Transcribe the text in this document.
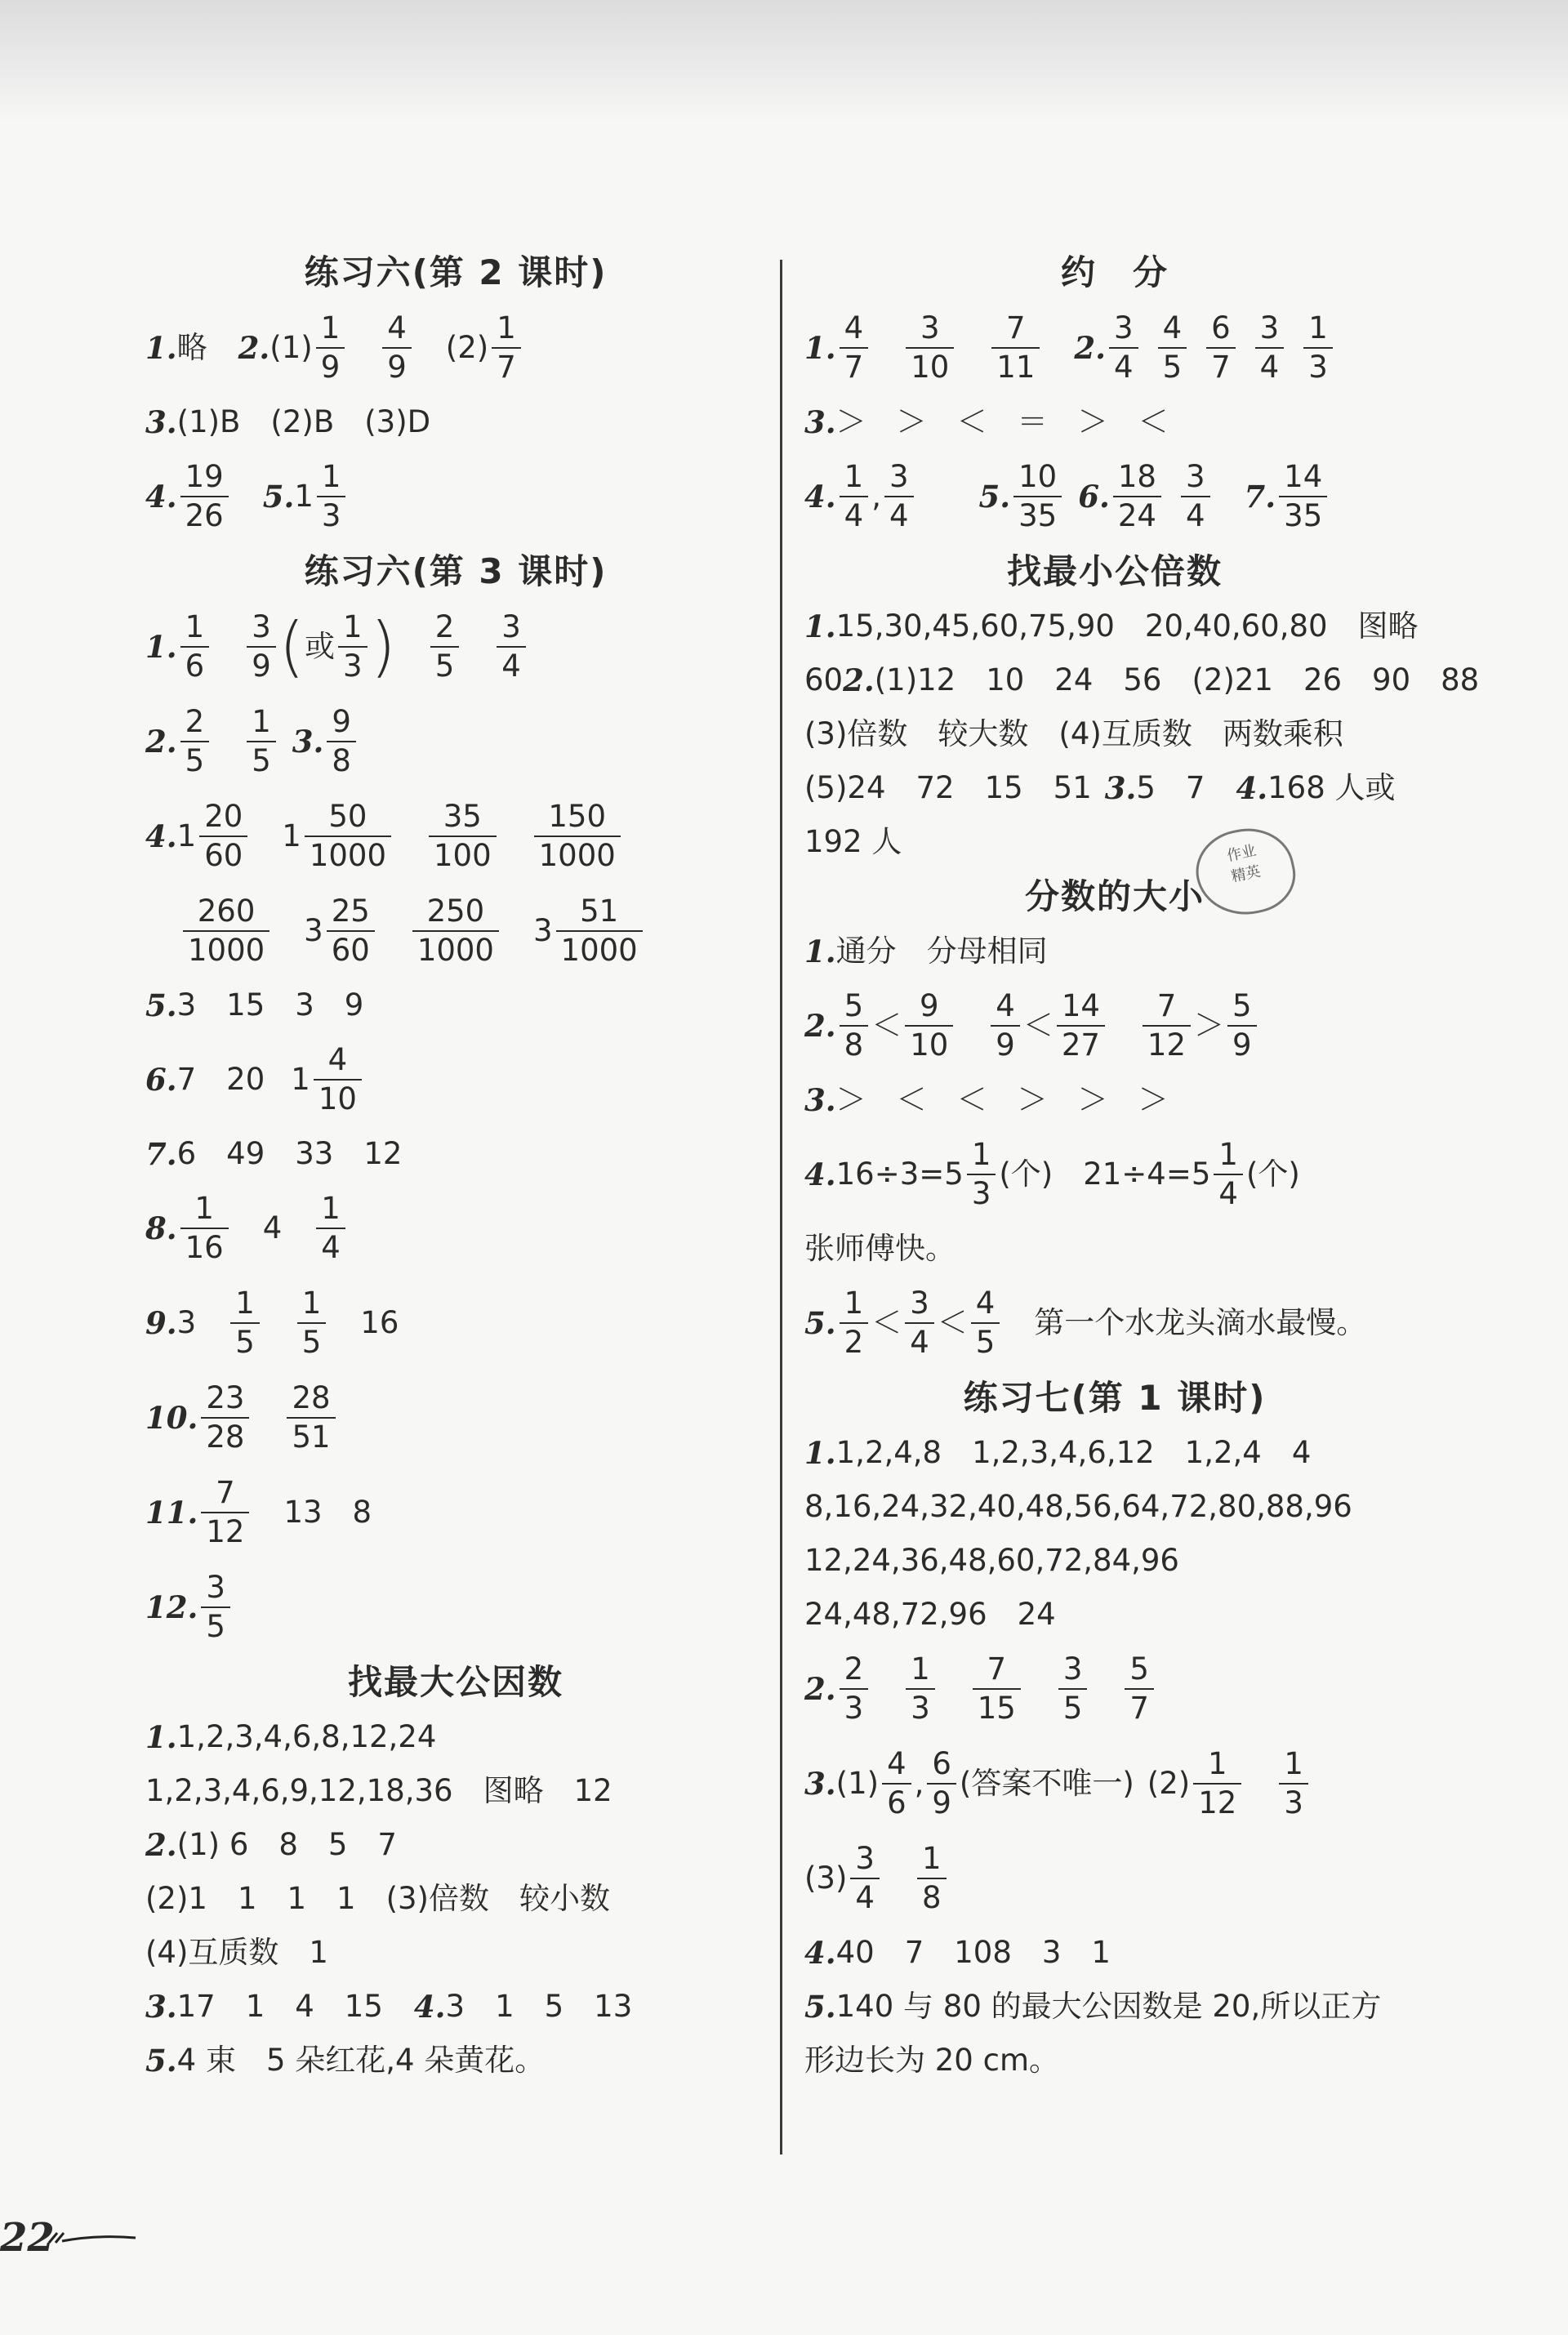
练习六(第 2 课时)
1. 略 2. $(1) \frac{1}{9} \frac{4}{9} (2) \frac{1}{7}$
3. (1)B　(2)B　(3)D
4. $\frac{19}{26} 5$. $1 \frac{1}{3}$
练习六(第 3 课时)
1. $\frac{1}{6} \frac{3}{9}$ ( 或 $\frac{1}{3}$ ) $\frac{2}{5} \frac{3}{4}$
2. $\frac{2}{5} \frac{1}{5} 3$. $\frac{9}{8}$
4. $1 \frac{20}{60} 1 \frac{50}{1000} \frac{35}{100} \frac{150}{1000}$
$\frac{260}{1000} 3 \frac{25}{60} \frac{250}{1000} 3 \frac{51}{1000}$
5. 3　15　3　9
6. 7　20 $1 \frac{4}{10}$
7. 6　49　33　12
8. $\frac{1}{16} 4 \frac{1}{4}$
9. $3 \frac{1}{5} \frac{1}{5} 16$
10. $\frac{23}{28} \frac{28}{51}$
11. $\frac{7}{12} 13$　8
12. $\frac{3}{5}$
找最大公因数
1. 1,2,3,4,6,8,12,24
1,2,3,4,6,9,12,18,36　图略　12
2. (1) 6　8　5　7
(2)1　1　1　1　(3)倍数　较小数
(4)互质数　1
3. 17　1　4　15 4. 3　1　5　13
5. 4 束　5 朵红花,4 朵黄花。
约　分
1. $\frac{4}{7} \frac{3}{10} \frac{7}{11} 2$. $\frac{3}{4} \frac{4}{5} \frac{6}{7} \frac{3}{4} \frac{1}{3}$
3. ＞　＞　＜　＝　＞　＜
4. $\frac{1}{4}$ , $\frac{3}{4} 5$. $\frac{10}{35} 6$. $\frac{18}{24} \frac{3}{4} 7$. $\frac{14}{35}$
找最小公倍数
1. 15,30,45,60,75,90　20,40,60,80　图略
60 2. (1)12　10　24　56　(2)21　26　90　88
(3)倍数　较大数　(4)互质数　两数乘积
(5)24　72　15　51 3. 5　7 4. 168 人或
192 人
分数的大小
1. 通分　分母相同
2. $\frac{5}{8} < \frac{9}{10} \frac{4}{9} < \frac{14}{27} \frac{7}{12} > \frac{5}{9}$
3. ＞　＜　＜　＞　＞　＞
4. $16\div 3=5 \frac{1}{3}$ (个)　$21\div 4=5 \frac{1}{4}$ (个)
张师傅快。
5. $\frac{1}{2} < \frac{3}{4} < \frac{4}{5}$ 第一个水龙头滴水最慢。
练习七(第 1 课时)
1. 1,2,4,8　1,2,3,4,6,12　1,2,4　4
8,16,24,32,40,48,56,64,72,80,88,96
12,24,36,48,60,72,84,96
24,48,72,96　24
2. $\frac{2}{3} \frac{1}{3} \frac{7}{15} \frac{3}{5} \frac{5}{7}$
3. $(1) \frac{4}{6}$ , $\frac{6}{9}$ (答案不唯一) $(2) \frac{1}{12} \frac{1}{3}$
$(3) \frac{3}{4} \frac{1}{8}$
4. 40　7　108　3　1
5. 140 与 80 的最大公因数是 20,所以正方
形边长为 20 cm。
作业
精英
22
